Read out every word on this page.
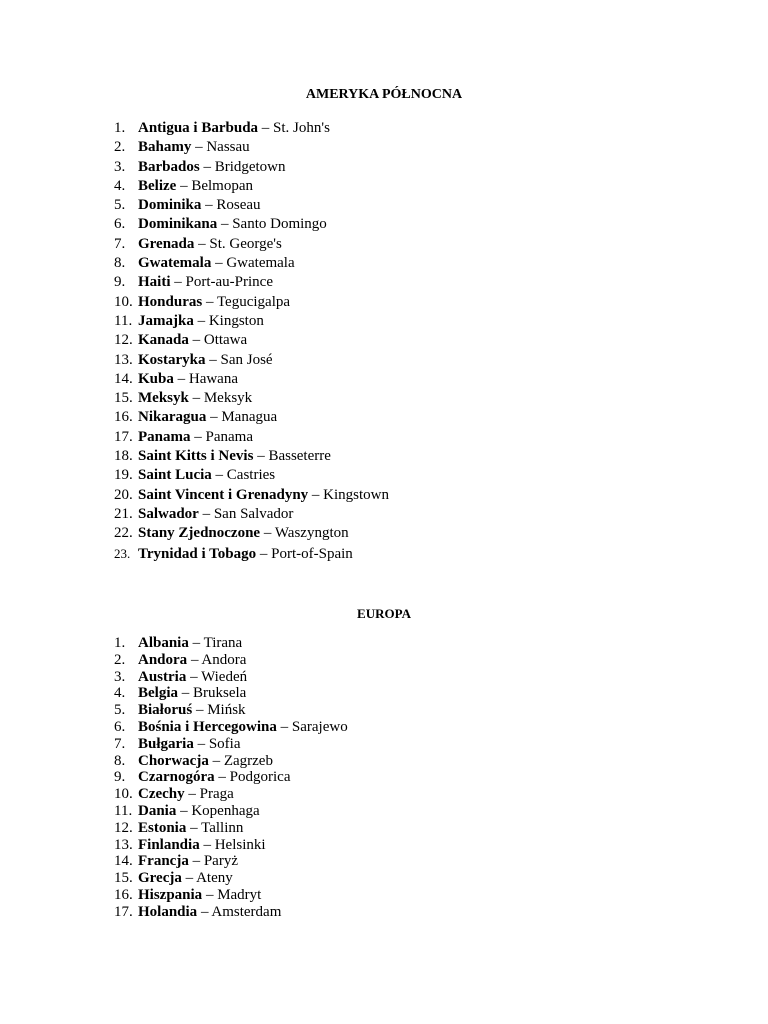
AMERYKA PÓŁNOCNA
1. Antigua i Barbuda – St. John's
2. Bahamy – Nassau
3. Barbados – Bridgetown
4. Belize – Belmopan
5. Dominika – Roseau
6. Dominikana – Santo Domingo
7. Grenada – St. George's
8. Gwatemala – Gwatemala
9. Haiti – Port-au-Prince
10. Honduras – Tegucigalpa
11. Jamajka – Kingston
12. Kanada – Ottawa
13. Kostaryka – San José
14. Kuba – Hawana
15. Meksyk – Meksyk
16. Nikaragua – Managua
17. Panama – Panama
18. Saint Kitts i Nevis – Basseterre
19. Saint Lucia – Castries
20. Saint Vincent i Grenadyny – Kingstown
21. Salwador – San Salvador
22. Stany Zjednoczone – Waszyngton
23. Trynidad i Tobago – Port-of-Spain
EUROPA
1. Albania – Tirana
2. Andora – Andora
3. Austria – Wiedeń
4. Belgia – Bruksela
5. Białoruś – Mińsk
6. Bośnia i Hercegowina – Sarajewo
7. Bułgaria – Sofia
8. Chorwacja – Zagrzeb
9. Czarnogóra – Podgorica
10. Czechy – Praga
11. Dania – Kopenhaga
12. Estonia – Tallinn
13. Finlandia – Helsinki
14. Francja – Paryż
15. Grecja – Ateny
16. Hiszpania – Madryt
17. Holandia – Amsterdam
